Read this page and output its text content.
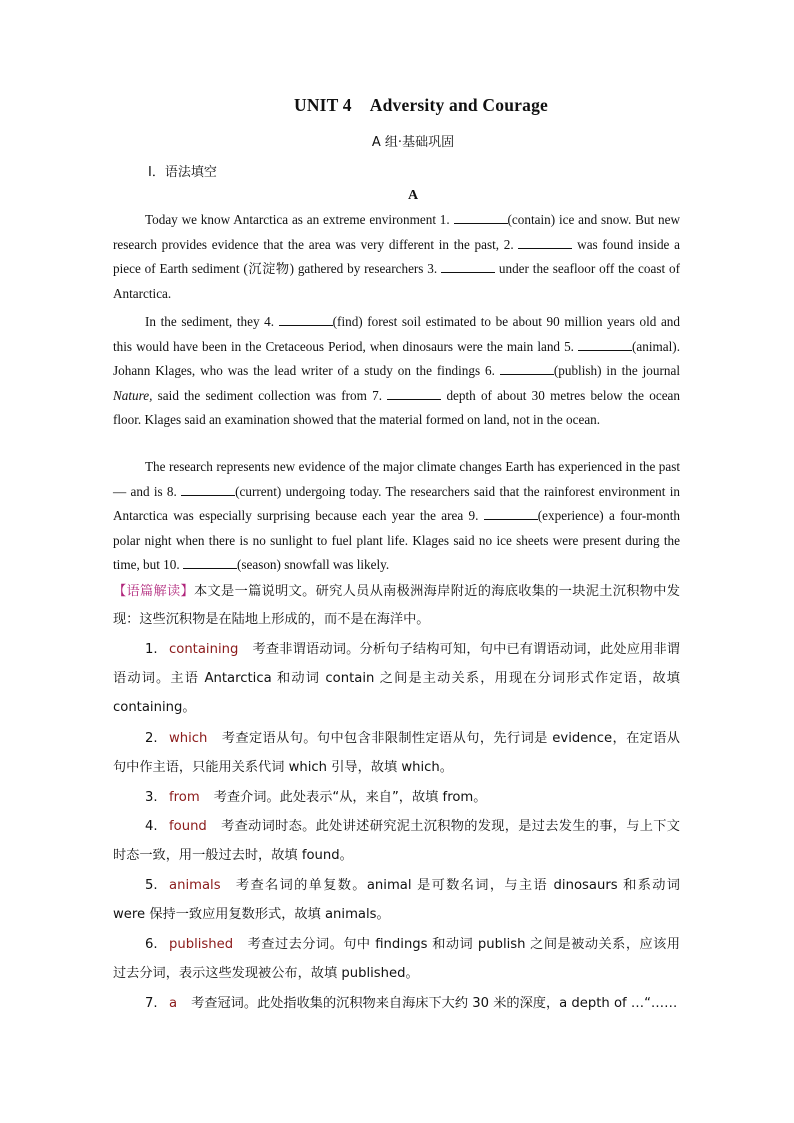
UNIT 4 Adversity and Courage
A 组·基础巩固
Ⅰ．语法填空
A
Today we know Antarctica as an extreme environment 1.	(contain) ice and snow. But new research provides evidence that the area was very different in the past, 2.	was found inside a piece of Earth sediment (沉淀物) gathered by researchers 3.	under the seafloor off the coast of Antarctica.
In the sediment, they 4.	(find) forest soil estimated to be about 90 million years old and this would have been in the Cretaceous Period, when dinosaurs were the main land 5.	(animal). Johann Klages, who was the lead writer of a study on the findings 6.	(publish) in the journal Nature, said the sediment collection was from 7.	depth of about 30 metres below the ocean floor. Klages said an examination showed that the material formed on land, not in the ocean.
The research represents new evidence of the major climate changes Earth has experienced in the past — and is 8.	(current) undergoing today. The researchers said that the rainforest environment in Antarctica was especially surprising because each year the area 9.	(experience) a four-month polar night when there is no sunlight to fuel plant life. Klages said no ice sheets were present during the time, but 10.	(season) snowfall was likely.
【语篇解读】本文是一篇说明文。研究人员从南极洲海岸附近的海底收集的一块泥土沉积物中发现：这些沉积物是在陆地上形成的，而不是在海洋中。
1. containing 考查非谓语动词。分析句子结构可知，句中已有谓语动词，此处应用非谓语动词。主语 Antarctica 和动词 contain 之间是主动关系，用现在分词形式作定语，故填 containing。
2. which 考查定语从句。句中包含非限制性定语从句，先行词是 evidence，在定语从句中作主语，只能用关系代词 which 引导，故填 which。
3. from 考查介词。此处表示“从，来自”，故填 from。
4. found 考查动词时态。此处讲述研究泥土沉积物的发现，是过去发生的事，与上下文时态一致，用一般过去时，故填 found。
5. animals 考查名词的单复数。animal 是可数名词，与主语 dinosaurs 和系动词 were 保持一致应用复数形式，故填 animals。
6. published 考查过去分词。句中 findings 和动词 publish 之间是被动关系，应该用过去分词，表示这些发现被公布，故填 published。
7. a 考查冠词。此处指收集的沉积物来自海床下大约 30 米的深度，a depth of …“……
